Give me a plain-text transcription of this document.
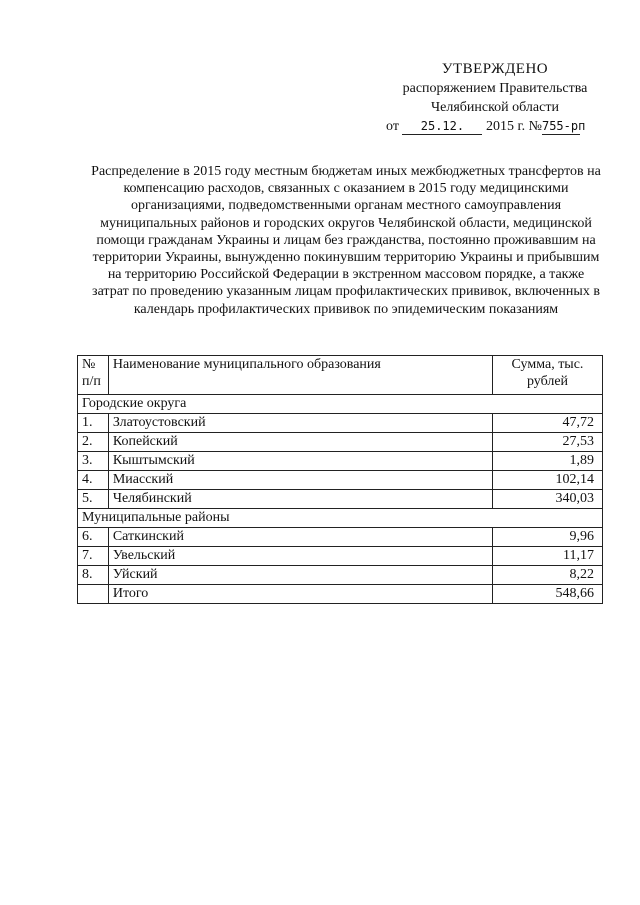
УТВЕРЖДЕНО
распоряжением Правительства
Челябинской области
от 25.12. 2015 г. №755-рп
Распределение в 2015 году местным бюджетам иных межбюджетных трансфертов на компенсацию расходов, связанных с оказанием в 2015 году медицинскими организациями, подведомственными органам местного самоуправления муниципальных районов и городских округов Челябинской области, медицинской помощи гражданам Украины и лицам без гражданства, постоянно проживавшим на территории Украины, вынужденно покинувшим территорию Украины и прибывшим на территорию Российской Федерации в экстренном массовом порядке, а также затрат по проведению указанным лицам профилактических прививок, включенных в календарь профилактических прививок по эпидемическим показаниям
№ п/п	Наименование муниципального образования	Сумма, тыс. рублей
Городские округа		
1.	Златоустовский	47,72
2.	Копейский	27,53
3.	Кыштымский	1,89
4.	Миасский	102,14
5.	Челябинский	340,03
Муниципальные районы		
6.	Саткинский	9,96
7.	Увельский	11,17
8.	Уйский	8,22
	Итого	548,66
